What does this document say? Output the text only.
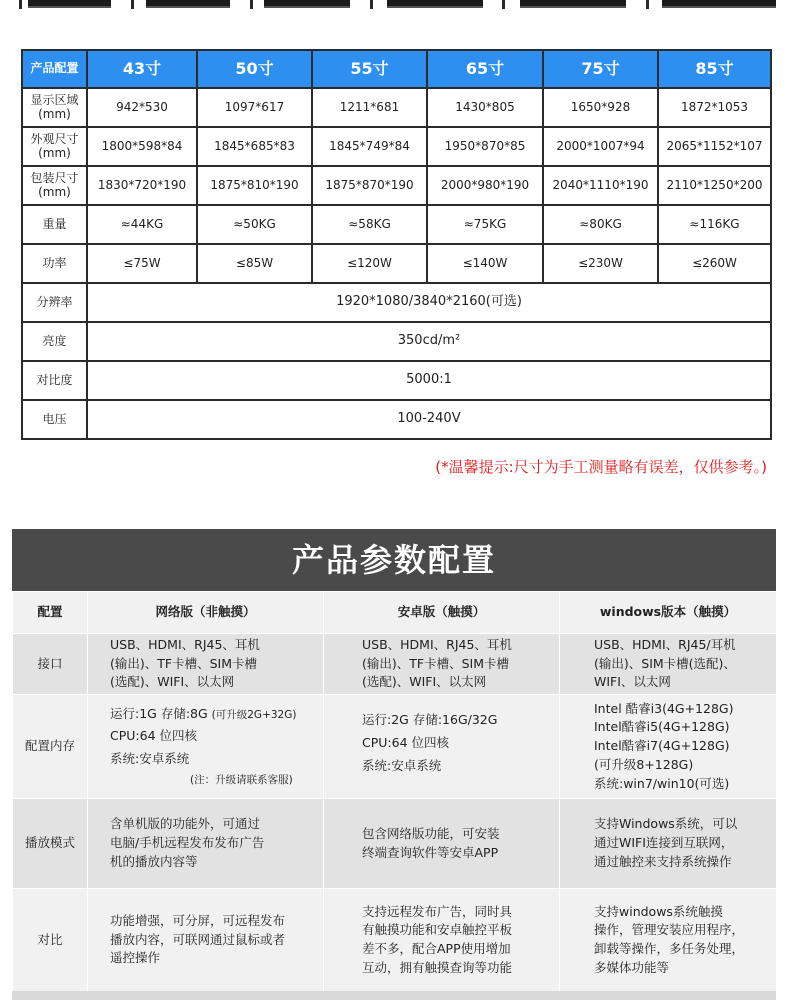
产品配置	43寸	50寸	55寸	65寸	75寸	85寸
显示区域
(mm)	942*530	1097*617	1211*681	1430*805	1650*928	1872*1053
外观尺寸
(mm)	1800*598*84	1845*685*83	1845*749*84	1950*870*85	2000*1007*94	2065*1152*107
包装尺寸
(mm)	1830*720*190	1875*810*190	1875*870*190	2000*980*190	2040*1110*190	2110*1250*200
重量	≈44KG	≈50KG	≈58KG	≈75KG	≈80KG	≈116KG
功率	≤75W	≤85W	≤120W	≤140W	≤230W	≤260W
分辨率	1920*1080/3840*2160(可选)					
亮度	350cd/m²					
对比度	5000:1					
电压	100-240V					
(*温馨提示:尺寸为手工测量略有误差，仅供参考。)
产品参数配置
配置	网络版（非触摸）	安卓版（触摸）	windows版本（触摸）
接口	USB、HDMI、RJ45、耳机
(输出)、TF卡槽、SIM卡槽
(选配)、WIFI、以太网	USB、HDMI、RJ45、耳机
(输出)、TF卡槽、SIM卡槽
(选配)、WIFI、以太网	USB、HDMI、RJ45/耳机
(输出)、SIM卡槽(选配)、
WIFI、以太网

配置内存	运行:1G 存储:8G (可升级2G+32G)
CPU:64 位四核
系统:安卓系统
(注：升级请联系客服)	运行:2G 存储:16G/32G
CPU:64 位四核
系统:安卓系统	Intel 酷睿i3(4G+128G)
Intel酷睿i5(4G+128G)
Intel酷睿i7(4G+128G)
(可升级8+128G)
系统:win7/win10(可选)

播放模式	含单机版的功能外，可通过
电脑/手机远程发布发布广告
机的播放内容等	包含网络版功能，可安装
终端查询软件等安卓APP	支持Windows系统，可以
通过WIFI连接到互联网，
通过触控来支持系统操作

对比	功能增强，可分屏，可远程发布
播放内容，可联网通过鼠标或者
遥控操作	支持远程发布广告，同时具
有触摸功能和安卓触控平板
差不多，配合APP使用增加
互动，拥有触摸查询等功能	支持windows系统触摸
操作，管理安装应用程序，
卸载等操作，多任务处理，
多媒体功能等
